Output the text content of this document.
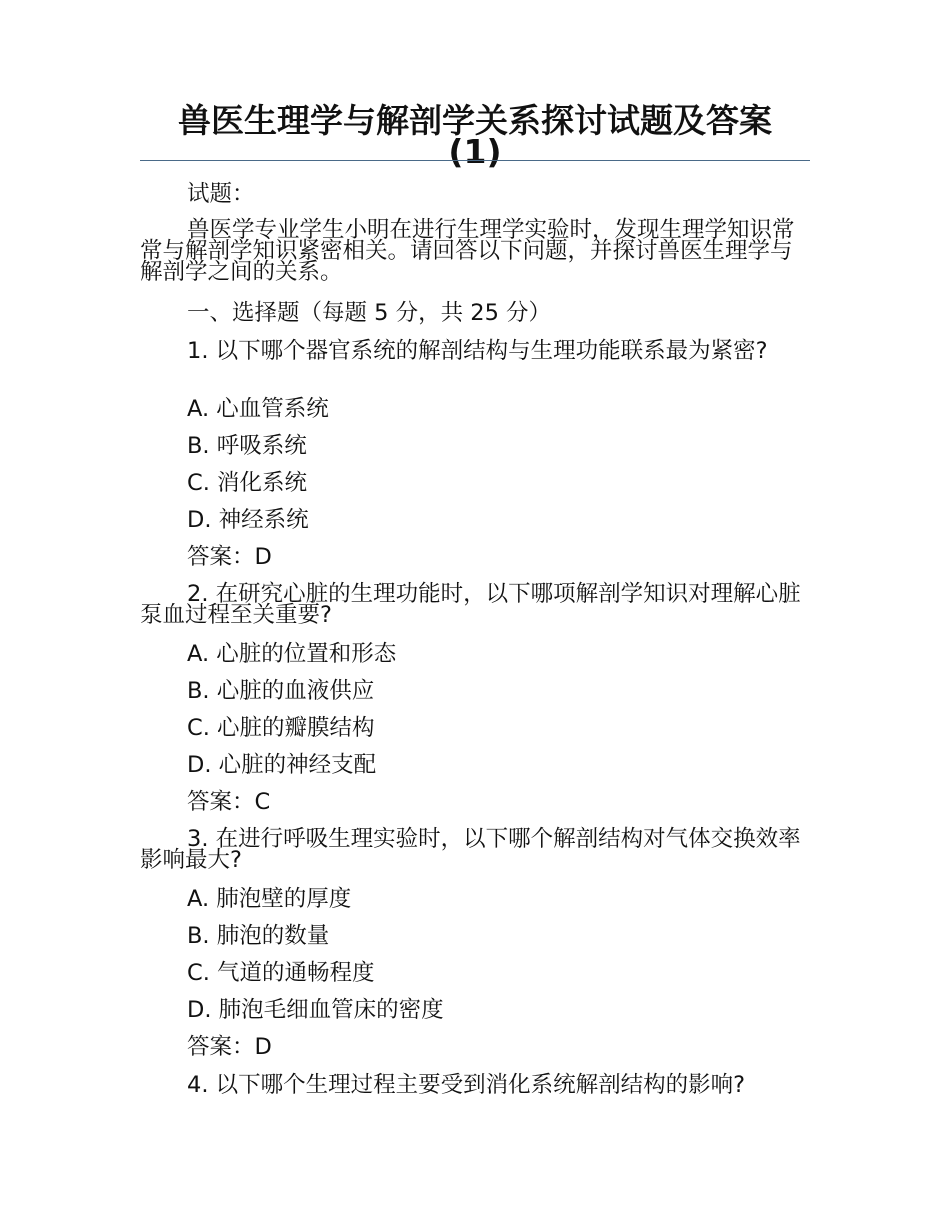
兽医生理学与解剖学关系探讨试题及答案
(1)

试题：

兽医学专业学生小明在进行生理学实验时，发现生理学知识常常与解剖学知识紧密相关。请回答以下问题，并探讨兽医生理学与解剖学之间的关系。

一、选择题（每题 5 分，共 25 分）

1. 以下哪个器官系统的解剖结构与生理功能联系最为紧密?

A. 心血管系统

B. 呼吸系统

C. 消化系统

D. 神经系统

答案：D

2. 在研究心脏的生理功能时，以下哪项解剖学知识对理解心脏泵血过程至关重要?

A. 心脏的位置和形态

B. 心脏的血液供应

C. 心脏的瓣膜结构

D. 心脏的神经支配

答案：C

3. 在进行呼吸生理实验时，以下哪个解剖结构对气体交换效率影响最大?

A. 肺泡壁的厚度

B. 肺泡的数量

C. 气道的通畅程度

D. 肺泡毛细血管床的密度

答案：D

4. 以下哪个生理过程主要受到消化系统解剖结构的影响?
